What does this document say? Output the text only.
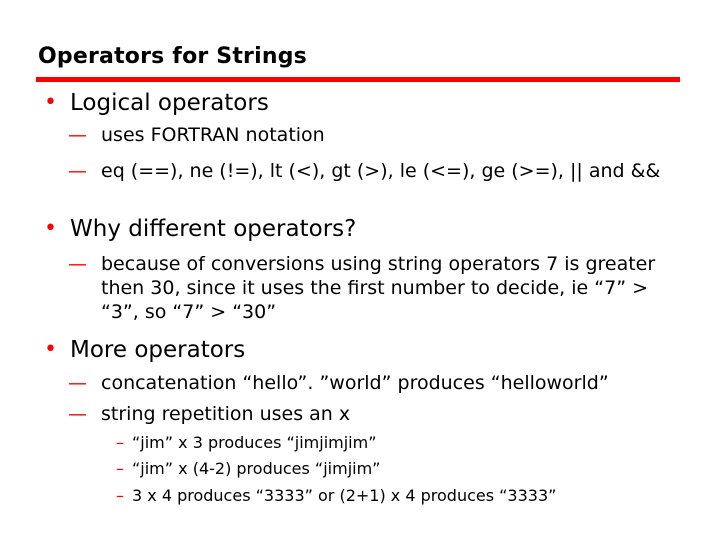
Operators for Strings
• Logical operators
— uses FORTRAN notation
— eq (==), ne (!=), lt (<), gt (>), le (<=), ge (>=), || and &&
• Why different operators?
— because of conversions using string operators 7 is greater then 30, since it uses the first number to decide, ie “7” > “3”, so “7” > “30”
• More operators
— concatenation “hello”. ”world” produces “helloworld”
— string repetition uses an x
– “jim” x 3 produces “jimjimjim”
– “jim” x (4-2) produces “jimjim”
– 3 x 4 produces “3333” or (2+1) x 4 produces “3333”
